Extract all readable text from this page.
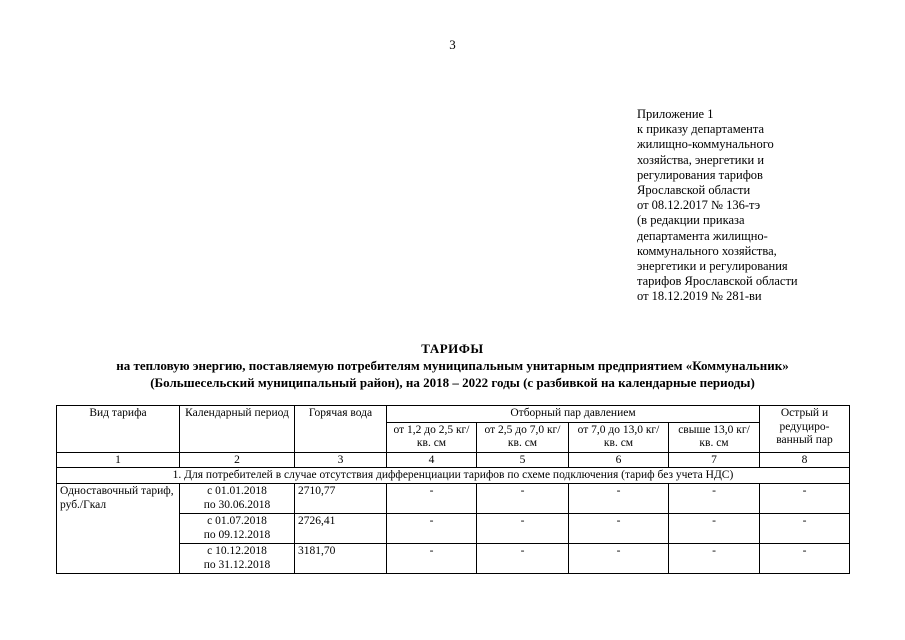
3
Приложение 1
к приказу департамента
жилищно-коммунального
хозяйства, энергетики и
регулирования тарифов
Ярославской области
от 08.12.2017 № 136-тэ
(в редакции приказа
департамента жилищно-
коммунального хозяйства,
энергетики и регулирования
тарифов Ярославской области
от 18.12.2019 № 281-ви
ТАРИФЫ
на тепловую энергию, поставляемую потребителям муниципальным унитарным предприятием «Коммунальник»
(Большесельский муниципальный район), на 2018 – 2022 годы (с разбивкой на календарные периоды)
Вид тарифа	Календарный период	Горячая вода	Отборный пар давлением				Острый и редуциро-ванный пар
			от 1,2 до 2,5 кг/ кв. см	от 2,5 до 7,0 кг/ кв. см	от 7,0 до 13,0 кг/ кв. см	свыше 13,0 кг/ кв. см	
1	2	3	4	5	6	7	8
1. Для потребителей в случае отсутствия дифференциации тарифов по схеме подключения (тариф без учета НДС)							
Одноставочный тариф, руб./Гкал	с 01.01.2018
по 30.06.2018	2710,77	-	-	-	-	-

	с 01.07.2018
по 09.12.2018	2726,41	-	-	-	-	-

	с 10.12.2018
по 31.12.2018	3181,70	-	-	-	-	-
